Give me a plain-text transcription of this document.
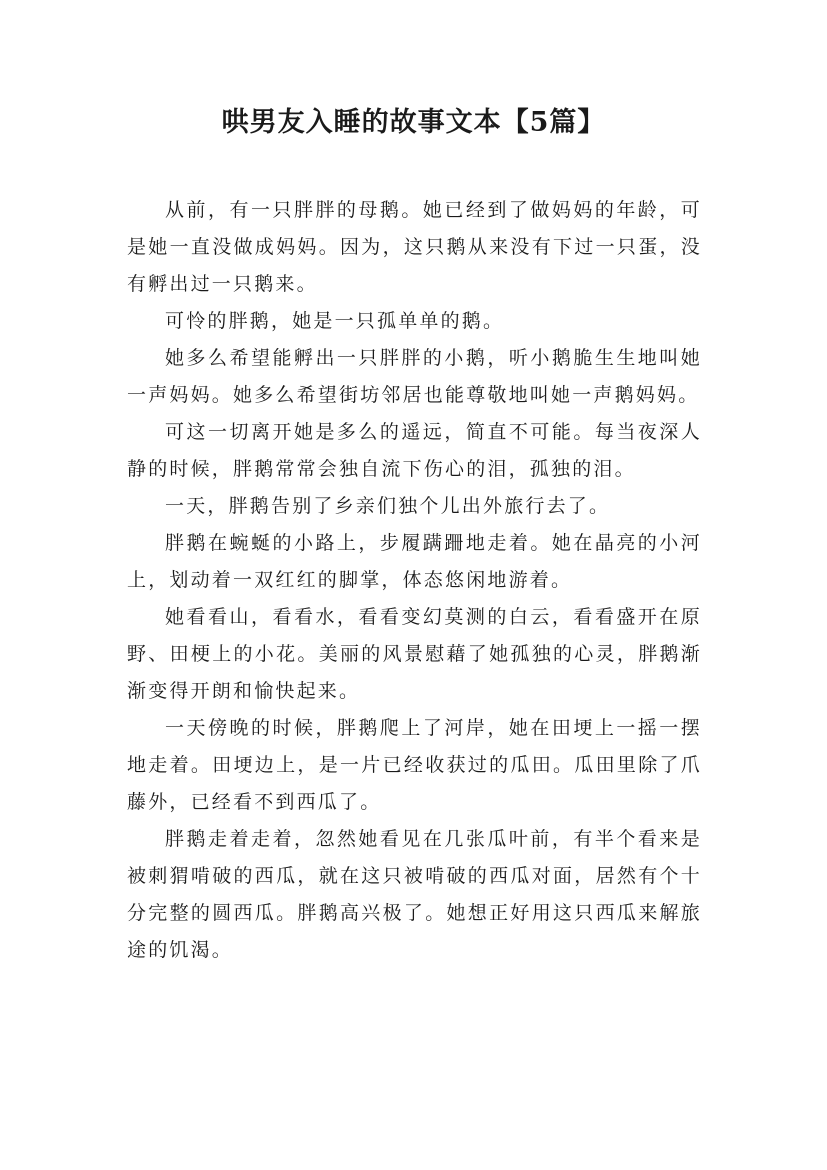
哄男友入睡的故事文本【5篇】

从前，有一只胖胖的母鹅。她已经到了做妈妈的年龄，可是她一直没做成妈妈。因为，这只鹅从来没有下过一只蛋，没有孵出过一只鹅来。

可怜的胖鹅，她是一只孤单单的鹅。

她多么希望能孵出一只胖胖的小鹅，听小鹅脆生生地叫她一声妈妈。她多么希望街坊邻居也能尊敬地叫她一声鹅妈妈。

可这一切离开她是多么的遥远，简直不可能。每当夜深人静的时候，胖鹅常常会独自流下伤心的泪，孤独的泪。

一天，胖鹅告别了乡亲们独个儿出外旅行去了。

胖鹅在蜿蜒的小路上，步履蹒跚地走着。她在晶亮的小河上，划动着一双红红的脚掌，体态悠闲地游着。

她看看山，看看水，看看变幻莫测的白云，看看盛开在原野、田梗上的小花。美丽的风景慰藉了她孤独的心灵，胖鹅渐渐变得开朗和愉快起来。

一天傍晚的时候，胖鹅爬上了河岸，她在田埂上一摇一摆地走着。田埂边上，是一片已经收获过的瓜田。瓜田里除了爪藤外，已经看不到西瓜了。

胖鹅走着走着，忽然她看见在几张瓜叶前，有半个看来是被刺猬啃破的西瓜，就在这只被啃破的西瓜对面，居然有个十分完整的圆西瓜。胖鹅高兴极了。她想正好用这只西瓜来解旅途的饥渴。
